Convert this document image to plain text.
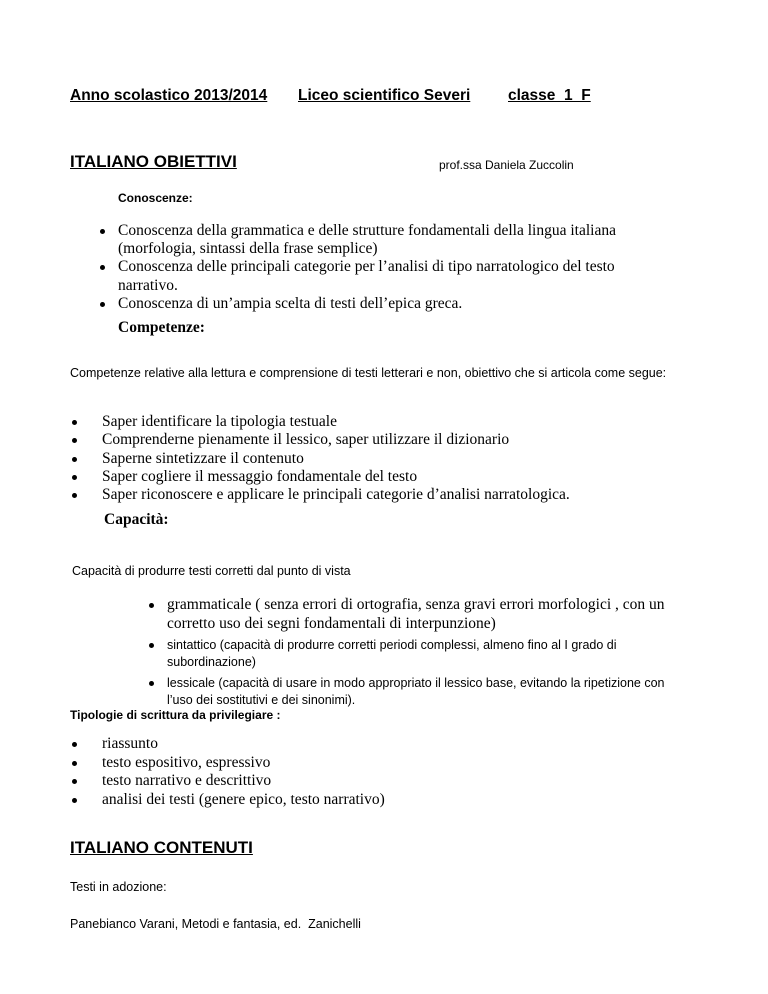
Anno scolastico 2013/2014 Liceo scientifico Severi classe  1  F
ITALIANO OBIETTIVI	prof.ssa Daniela Zuccolin
Conoscenze:
Conoscenza della grammatica e delle strutture fondamentali della lingua italiana (morfologia, sintassi della frase semplice)
Conoscenza delle principali categorie per l’analisi di tipo narratologico del testo narrativo.
Conoscenza di un’ampia scelta di testi dell’epica greca.
Competenze:
Competenze relative alla lettura e comprensione di testi letterari e non, obiettivo che si articola come segue:
Saper identificare la tipologia testuale
Comprenderne pienamente il lessico, saper utilizzare il dizionario
Saperne sintetizzare il contenuto
Saper cogliere il messaggio fondamentale del testo
Saper riconoscere e applicare le principali categorie d’analisi narratologica.
Capacità:
Capacità di produrre testi corretti dal punto di vista
grammaticale ( senza errori di ortografia, senza gravi errori morfologici , con un corretto uso dei segni fondamentali di interpunzione)
sintattico (capacità di produrre corretti periodi complessi, almeno fino al I grado di subordinazione)
lessicale (capacità di usare in modo appropriato il lessico base, evitando la ripetizione con l’uso dei sostitutivi e dei sinonimi).
Tipologie di scrittura da privilegiare :
riassunto
testo espositivo, espressivo
testo narrativo e descrittivo
analisi dei testi (genere epico, testo narrativo)
ITALIANO CONTENUTI
Testi in adozione:
Panebianco Varani, Metodi e fantasia, ed.  Zanichelli
